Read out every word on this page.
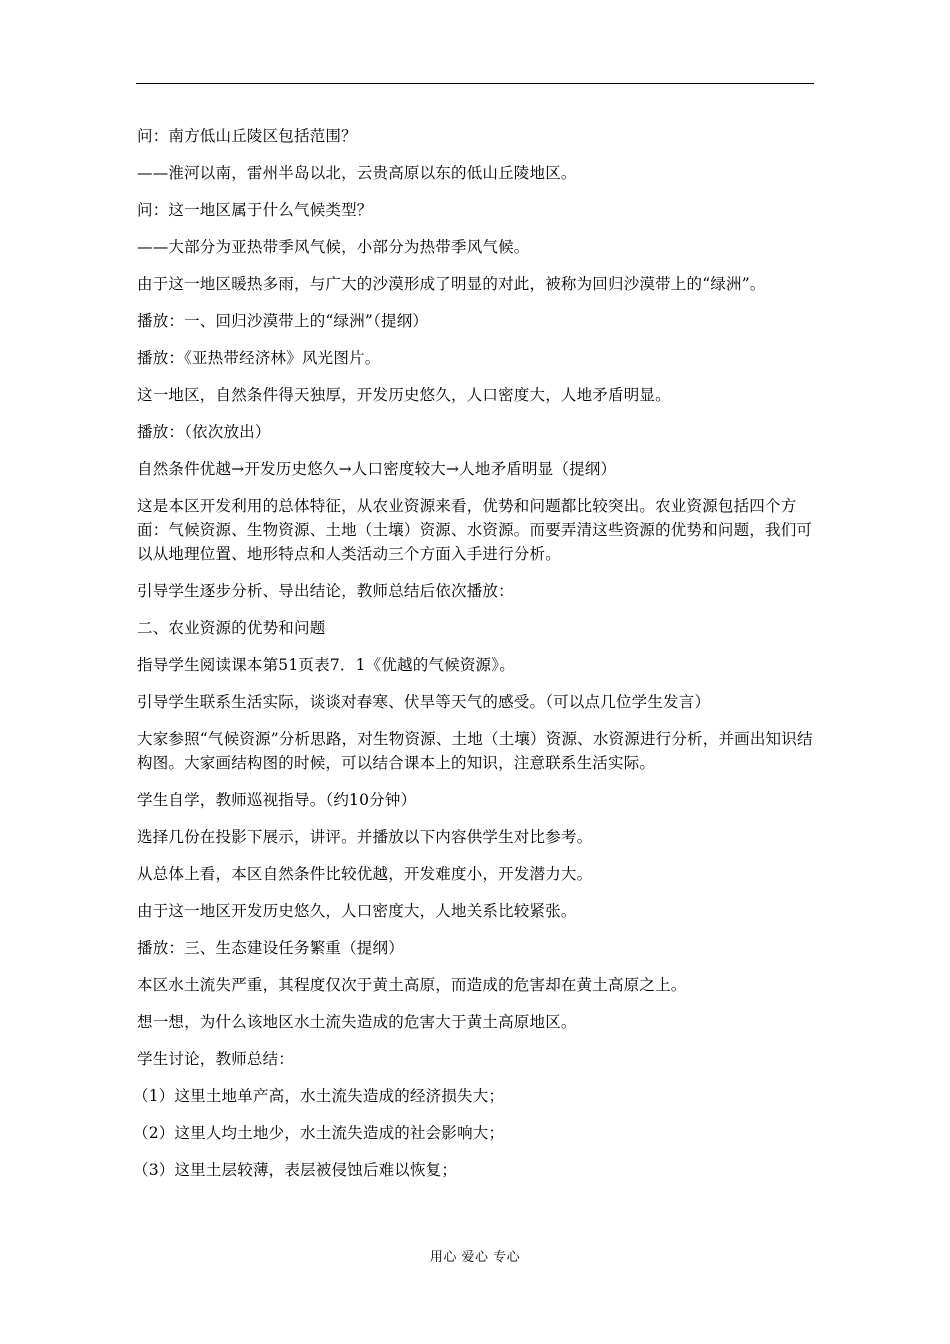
问：南方低山丘陵区包括范围？

——淮河以南，雷州半岛以北，云贵高原以东的低山丘陵地区。

问：这一地区属于什么气候类型？

——大部分为亚热带季风气候，小部分为热带季风气候。

由于这一地区暖热多雨，与广大的沙漠形成了明显的对此，被称为回归沙漠带上的“绿洲”。

播放：一、回归沙漠带上的“绿洲”（提纲）

播放：《亚热带经济林》风光图片。

这一地区，自然条件得天独厚，开发历史悠久，人口密度大，人地矛盾明显。

播放：（依次放出）

自然条件优越→开发历史悠久→人口密度较大→人地矛盾明显（提纲）

这是本区开发利用的总体特征，从农业资源来看，优势和问题都比较突出。农业资源包括四个方面：气候资源、生物资源、土地（土壤）资源、水资源。而要弄清这些资源的优势和问题，我们可以从地理位置、地形特点和人类活动三个方面入手进行分析。

引导学生逐步分析、导出结论，教师总结后依次播放：

二、农业资源的优势和问题

指导学生阅读课本第51页表7．1《优越的气候资源》。

引导学生联系生活实际，谈谈对春寒、伏旱等天气的感受。（可以点几位学生发言）

大家参照“气候资源”分析思路，对生物资源、土地（土壤）资源、水资源进行分析，并画出知识结构图。大家画结构图的时候，可以结合课本上的知识，注意联系生活实际。

学生自学，教师巡视指导。（约10分钟）

选择几份在投影下展示，讲评。并播放以下内容供学生对比参考。

从总体上看，本区自然条件比较优越，开发难度小，开发潜力大。

由于这一地区开发历史悠久，人口密度大，人地关系比较紧张。

播放：三、生态建设任务繁重（提纲）

本区水土流失严重，其程度仅次于黄土高原，而造成的危害却在黄土高原之上。

想一想，为什么该地区水土流失造成的危害大于黄土高原地区。

学生讨论，教师总结：

（1）这里土地单产高，水土流失造成的经济损失大；

（2）这里人均土地少，水土流失造成的社会影响大；

（3）这里土层较薄，表层被侵蚀后难以恢复；

用心 爱心 专心
